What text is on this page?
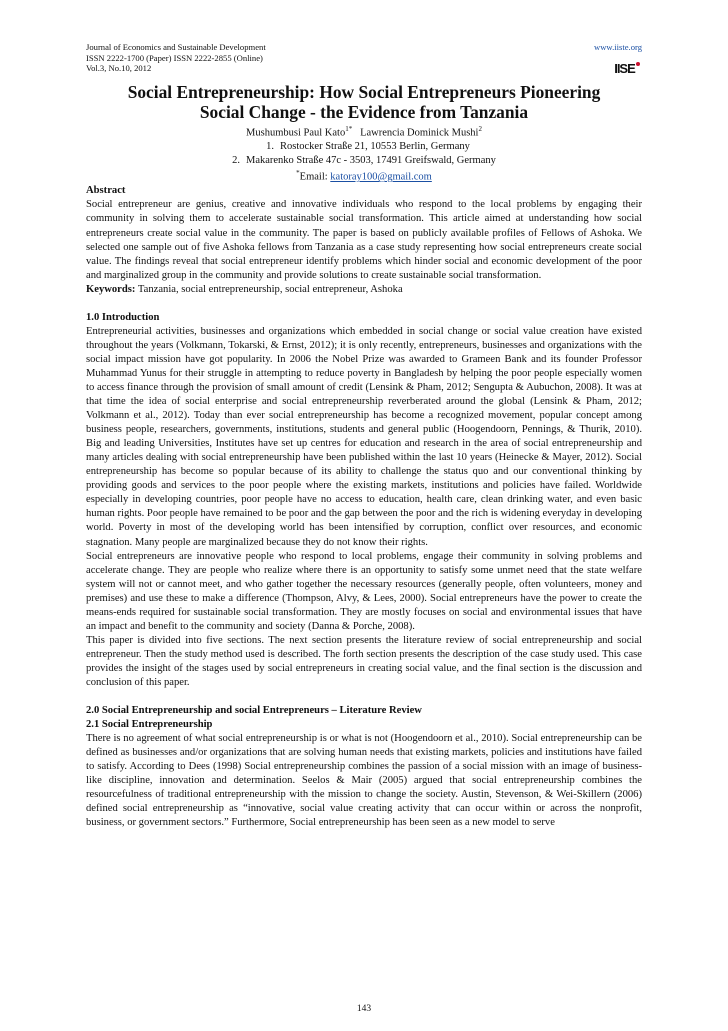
Journal of Economics and Sustainable Development
ISSN 2222-1700 (Paper) ISSN 2222-2855 (Online)
Vol.3, No.10, 2012
www.iiste.org
IISE
Social Entrepreneurship: How Social Entrepreneurs Pioneering
Social Change - the Evidence from Tanzania
Mushumbusi Paul Kato$^{1*}$ Lawrencia Dominick Mushi$^2$
1. Rostocker Straße 21, 10553 Berlin, Germany
2. Makarenko Straße 47c - 3503, 17491 Greifswald, Germany
*Email: katoray100@gmail.com

Abstract

Social entrepreneur are genius, creative and innovative individuals who respond to the local problems by engaging their community in solving them to accelerate sustainable social transformation. This article aimed at understanding how social entrepreneurs create social value in the community. The paper is based on publicly available profiles of Fellows of Ashoka. We selected one sample out of five Ashoka fellows from Tanzania as a case study representing how social entrepreneurs create social value. The findings reveal that social entrepreneur identify problems which hinder social and economic development of the poor and marginalized group in the community and provide solutions to create sustainable social transformation.

Keywords: Tanzania, social entrepreneurship, social entrepreneur, Ashoka

1.0 Introduction

Entrepreneurial activities, businesses and organizations which embedded in social change or social value creation have existed throughout the years (Volkmann, Tokarski, & Ernst, 2012); it is only recently, entrepreneurs, businesses and organizations with the social impact mission have got popularity. In 2006 the Nobel Prize was awarded to Grameen Bank and its founder Professor Muhammad Yunus for their struggle in attempting to reduce poverty in Bangladesh by helping the poor people especially women to access finance through the provision of small amount of credit (Lensink & Pham, 2012; Sengupta & Aubuchon, 2008). It was at that time the idea of social enterprise and social entrepreneurship reverberated around the global (Lensink & Pham, 2012; Volkmann et al., 2012). Today than ever social entrepreneurship has become a recognized movement, popular concept among business people, researchers, governments, institutions, students and general public (Hoogendoorn, Pennings, & Thurik, 2010). Big and leading Universities, Institutes have set up centres for education and research in the area of social entrepreneurship and many articles dealing with social entrepreneurship have been published within the last 10 years (Heinecke & Mayer, 2012). Social entrepreneurship has become so popular because of its ability to challenge the status quo and our conventional thinking by providing goods and services to the poor people where the existing markets, institutions and policies have failed. Worldwide especially in developing countries, poor people have no access to education, health care, clean drinking water, and even basic human rights. Poor people have remained to be poor and the gap between the poor and the rich is widening everyday in developing world. Poverty in most of the developing world has been intensified by corruption, conflict over resources, and economic stagnation. Many people are marginalized because they do not know their rights.

Social entrepreneurs are innovative people who respond to local problems, engage their community in solving problems and accelerate change. They are people who realize where there is an opportunity to satisfy some unmet need that the state welfare system will not or cannot meet, and who gather together the necessary resources (generally people, often volunteers, money and premises) and use these to make a difference (Thompson, Alvy, & Lees, 2000). Social entrepreneurs have the power to create the means-ends required for sustainable social transformation. They are mostly focuses on social and environmental issues that have an impact and benefit to the community and society (Danna & Porche, 2008).

This paper is divided into five sections. The next section presents the literature review of social entrepreneurship and social entrepreneur. Then the study method used is described. The forth section presents the description of the case study used. This case provides the insight of the stages used by social entrepreneurs in creating social value, and the final section is the discussion and conclusion of this paper.

2.0 Social Entrepreneurship and social Entrepreneurs – Literature Review

2.1 Social Entrepreneurship

There is no agreement of what social entrepreneurship is or what is not (Hoogendoorn et al., 2010). Social entrepreneurship can be defined as businesses and/or organizations that are solving human needs that existing markets, policies and institutions have failed to satisfy. According to Dees (1998) Social entrepreneurship combines the passion of a social mission with an image of business-like discipline, innovation and determination. Seelos & Mair (2005) argued that social entrepreneurship combines the resourcefulness of traditional entrepreneurship with the mission to change the society. Austin, Stevenson, & Wei-Skillern (2006) defined social entrepreneurship as “innovative, social value creating activity that can occur within or across the nonprofit, business, or government sectors.” Furthermore, Social entrepreneurship has been seen as a new model to serve

143
